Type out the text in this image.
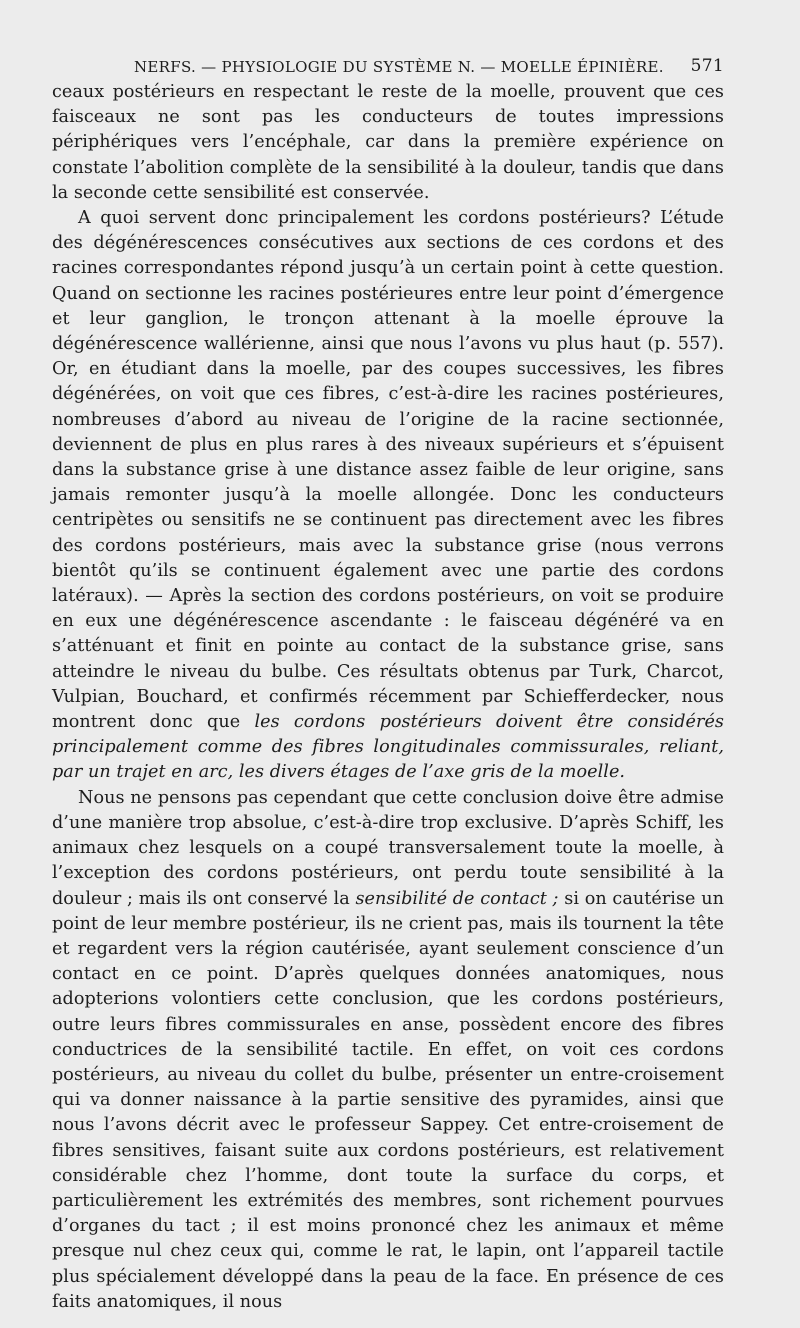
NERFS. — PHYSIOLOGIE DU SYSTÈME N. — MOELLE ÉPINIÈRE. 571

ceaux postérieurs en respectant le reste de la moelle, prouvent que ces faisceaux ne sont pas les conducteurs de toutes impressions périphériques vers l’encéphale, car dans la première expérience on constate l’abolition complète de la sensibilité à la douleur, tandis que dans la seconde cette sensibilité est conservée.

A quoi servent donc principalement les cordons postérieurs? L’étude des dégénérescences consécutives aux sections de ces cordons et des racines correspondantes répond jusqu’à un certain point à cette question. Quand on sectionne les racines postérieures entre leur point d’émergence et leur ganglion, le tronçon attenant à la moelle éprouve la dégénérescence wallérienne, ainsi que nous l’avons vu plus haut (p. 557). Or, en étudiant dans la moelle, par des coupes successives, les fibres dégénérées, on voit que ces fibres, c’est-à-dire les racines postérieures, nombreuses d’abord au niveau de l’origine de la racine sectionnée, deviennent de plus en plus rares à des niveaux supérieurs et s’épuisent dans la substance grise à une distance assez faible de leur origine, sans jamais remonter jusqu’à la moelle allongée. Donc les conducteurs centripètes ou sensitifs ne se continuent pas directement avec les fibres des cordons postérieurs, mais avec la substance grise (nous verrons bientôt qu’ils se continuent également avec une partie des cordons latéraux). — Après la section des cordons postérieurs, on voit se produire en eux une dégénérescence ascendante : le faisceau dégénéré va en s’atténuant et finit en pointe au contact de la substance grise, sans atteindre le niveau du bulbe. Ces résultats obtenus par Turk, Charcot, Vulpian, Bouchard, et confirmés récemment par Schiefferdecker, nous montrent donc que les cordons postérieurs doivent être considérés principalement comme des fibres longitudinales commissurales, reliant, par un trajet en arc, les divers étages de l’axe gris de la moelle.

Nous ne pensons pas cependant que cette conclusion doive être admise d’une manière trop absolue, c’est-à-dire trop exclusive. D’après Schiff, les animaux chez lesquels on a coupé transversalement toute la moelle, à l’exception des cordons postérieurs, ont perdu toute sensibilité à la douleur ; mais ils ont conservé la sensibilité de contact ; si on cautérise un point de leur membre postérieur, ils ne crient pas, mais ils tournent la tête et regardent vers la région cautérisée, ayant seulement conscience d’un contact en ce point. D’après quelques données anatomiques, nous adopterions volontiers cette conclusion, que les cordons postérieurs, outre leurs fibres commissurales en anse, possèdent encore des fibres conductrices de la sensibilité tactile. En effet, on voit ces cordons postérieurs, au niveau du collet du bulbe, présenter un entre-croisement qui va donner naissance à la partie sensitive des pyramides, ainsi que nous l’avons décrit avec le professeur Sappey. Cet entre-croisement de fibres sensitives, faisant suite aux cordons postérieurs, est relativement considérable chez l’homme, dont toute la surface du corps, et particulièrement les extrémités des membres, sont richement pourvues d’organes du tact ; il est moins prononcé chez les animaux et même presque nul chez ceux qui, comme le rat, le lapin, ont l’appareil tactile plus spécialement développé dans la peau de la face. En présence de ces faits anatomiques, il nous
